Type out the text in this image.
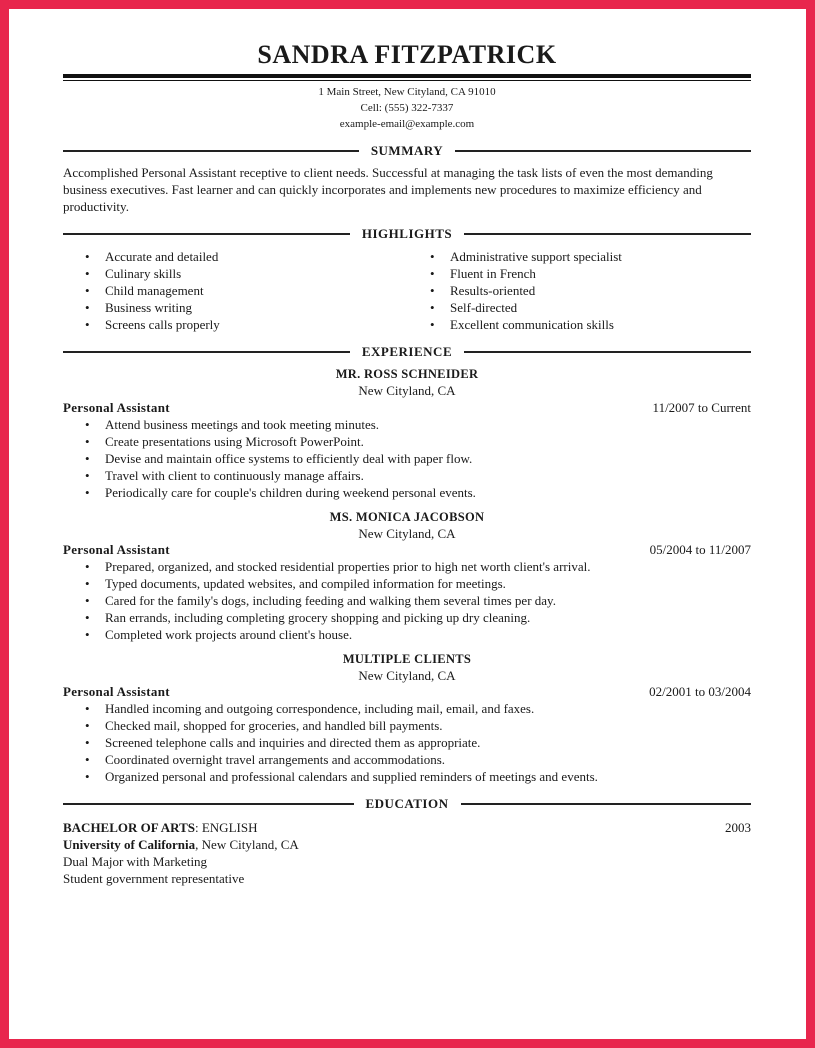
SANDRA FITZPATRICK
1 Main Street, New Cityland, CA 91010
Cell: (555) 322-7337
example-email@example.com
SUMMARY
Accomplished Personal Assistant receptive to client needs. Successful at managing the task lists of even the most demanding business executives. Fast learner and can quickly incorporates and implements new procedures to maximize efficiency and productivity.
HIGHLIGHTS
• Accurate and detailed
• Culinary skills
• Child management
• Business writing
• Screens calls properly
• Administrative support specialist
• Fluent in French
• Results-oriented
• Self-directed
• Excellent communication skills
EXPERIENCE
MR. ROSS SCHNEIDER
New Cityland, CA
Personal Assistant	11/2007 to Current
• Attend business meetings and took meeting minutes.
• Create presentations using Microsoft PowerPoint.
• Devise and maintain office systems to efficiently deal with paper flow.
• Travel with client to continuously manage affairs.
• Periodically care for couple's children during weekend personal events.
MS. MONICA JACOBSON
New Cityland, CA
Personal Assistant	05/2004 to 11/2007
• Prepared, organized, and stocked residential properties prior to high net worth client's arrival.
• Typed documents, updated websites, and compiled information for meetings.
• Cared for the family's dogs, including feeding and walking them several times per day.
• Ran errands, including completing grocery shopping and picking up dry cleaning.
• Completed work projects around client's house.
MULTIPLE CLIENTS
New Cityland, CA
Personal Assistant	02/2001 to 03/2004
• Handled incoming and outgoing correspondence, including mail, email, and faxes.
• Checked mail, shopped for groceries, and handled bill payments.
• Screened telephone calls and inquiries and directed them as appropriate.
• Coordinated overnight travel arrangements and accommodations.
• Organized personal and professional calendars and supplied reminders of meetings and events.
EDUCATION
BACHELOR OF ARTS: ENGLISH	2003
University of California, New Cityland, CA
Dual Major with Marketing
Student government representative
